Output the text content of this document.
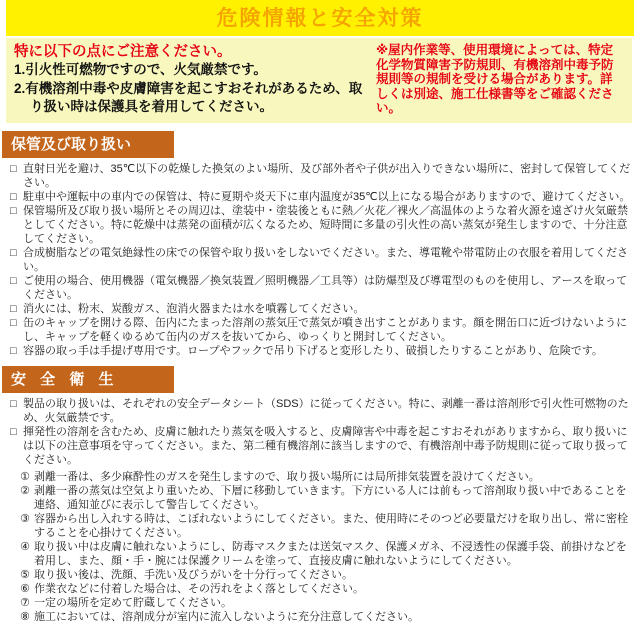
危険情報と安全対策
特に以下の点にご注意ください。
1.引火性可燃物ですので、火気厳禁です。
2.有機溶剤中毒や皮膚障害を起こすおそれがあるため、取り扱い時は保護具を着用してください。
※屋内作業等、使用環境によっては、特定化学物質障害予防規則、有機溶剤中毒予防規則等の規制を受ける場合があります。詳しくは別途、施工仕様書等をご確認ください。
保管及び取り扱い
□ 直射日光を避け、35℃以下の乾燥した換気のよい場所、及び部外者や子供が出入りできない場所に、密封して保管してください。
□ 駐車中や運転中の車内での保管は、特に夏期や炎天下に車内温度が35℃以上になる場合がありますので、避けてください。
□ 保管場所及び取り扱い場所とその周辺は、塗装中・塗装後ともに熱／火花／裸火／高温体のような着火源を遠ざけ火気厳禁としてください。特に乾燥中は蒸発の面積が広くなるため、短時間に多量の引火性の高い蒸気が発生しますので、十分注意してください。
□ 合成樹脂などの電気絶縁性の床での保管や取り扱いをしないでください。また、導電靴や帯電防止の衣服を着用してください。
□ ご使用の場合、使用機器（電気機器／換気装置／照明機器／工具等）は防爆型及び導電型のものを使用し、アースを取ってください。
□ 消火には、粉末、炭酸ガス、泡消火器または水を噴霧してください。
□ 缶のキャップを開ける際、缶内にたまった溶剤の蒸気圧で蒸気が噴き出すことがあります。顔を開缶口に近づけないようにし、キャップを軽くゆるめて缶内のガスを抜いてから、ゆっくりと開封してください。
□ 容器の取っ手は手提げ専用です。ロープやフックで吊り下げると変形したり、破損したりすることがあり、危険です。
安 全 衛 生
□ 製品の取り扱いは、それぞれの安全データシート（SDS）に従ってください。特に、剥離一番は溶剤形で引火性可燃物のため、火気厳禁です。
□ 揮発性の溶剤を含むため、皮膚に触れたり蒸気を吸入すると、皮膚障害や中毒を起こすおそれがありますから、取り扱いには以下の注意事項を守ってください。また、第二種有機溶剤に該当しますので、有機溶剤中毒予防規則に従って取り扱ってください。
① 剥離一番は、多少麻酔性のガスを発生しますので、取り扱い場所には局所排気装置を設けてください。
② 剥離一番の蒸気は空気より重いため、下層に移動していきます。下方にいる人には前もって溶剤取り扱い中であることを連絡、通知並びに表示して警告してください。
③ 容器から出し入れする時は、こぼれないようにしてください。また、使用時にそのつど必要量だけを取り出し、常に密栓することを心掛けてください。
④ 取り扱い中は皮膚に触れないようにし、防毒マスクまたは送気マスク、保護メガネ、不浸透性の保護手袋、前掛けなどを着用し、また、顔・手・腕には保護クリームを塗って、直接皮膚に触れないようにしてください。
⑤ 取り扱い後は、洗顔、手洗い及びうがいを十分行ってください。
⑥ 作業衣などに付着した場合は、その汚れをよく落としてください。
⑦ 一定の場所を定めて貯蔵してください。
⑧ 施工においては、溶剤成分が室内に流入しないように充分注意してください。
